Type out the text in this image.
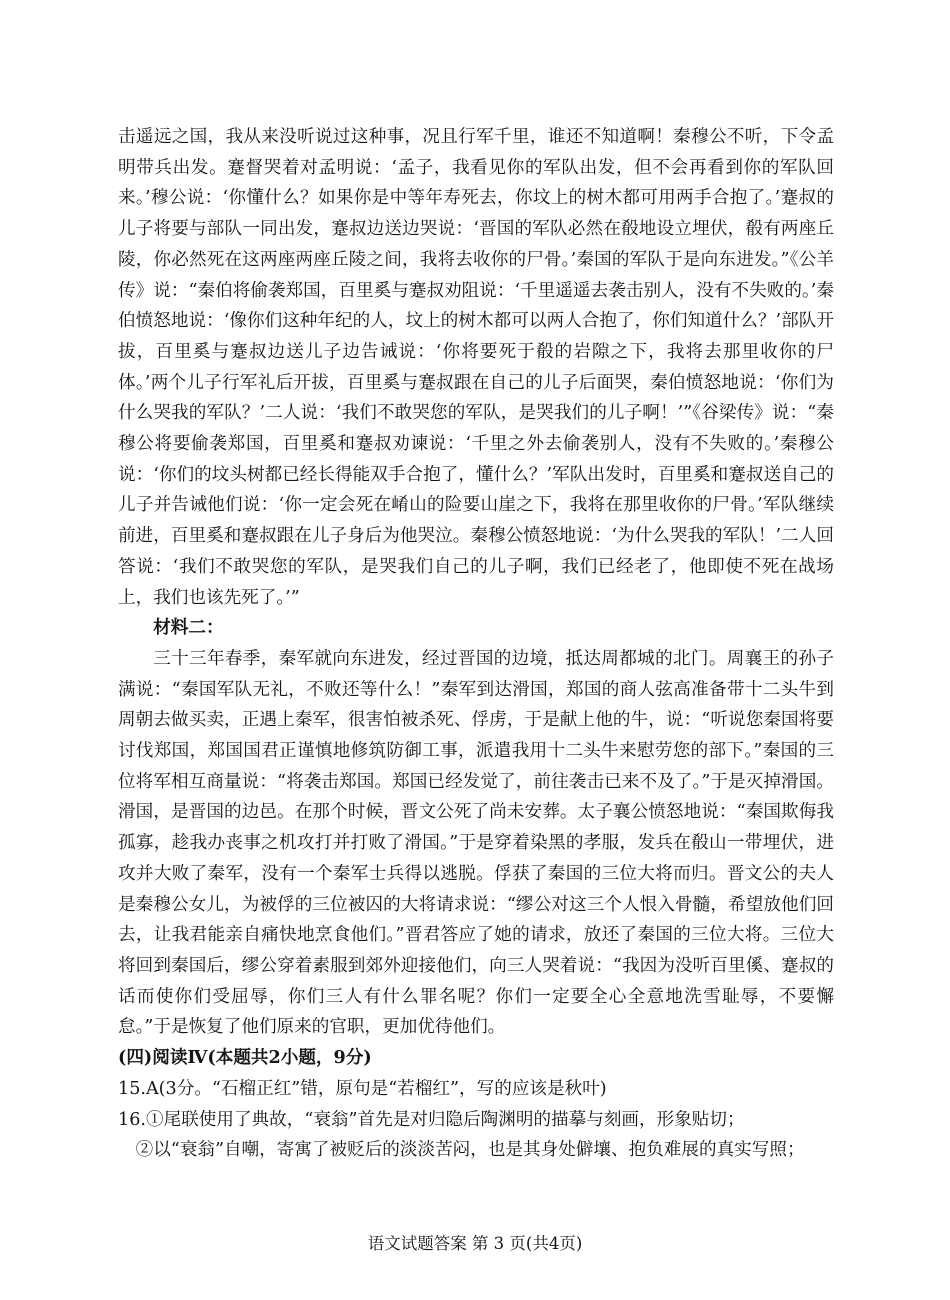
击遥远之国，我从来没听说过这种事，况且行军千里，谁还不知道啊！秦穆公不听，下令孟明带兵出发。蹇督哭着对孟明说：‘孟子，我看见你的军队出发，但不会再看到你的军队回来。’穆公说：‘你懂什么？如果你是中等年寿死去，你坟上的树木都可用两手合抱了。’蹇叔的儿子将要与部队一同出发，蹇叔边送边哭说：‘晋国的军队必然在殽地设立埋伏，殽有两座丘陵，你必然死在这两座两座丘陵之间，我将去收你的尸骨。’秦国的军队于是向东进发。”《公羊传》说：“秦伯将偷袭郑国，百里奚与蹇叔劝阻说：‘千里遥遥去袭击别人，没有不失败的。’秦伯愤怒地说：‘像你们这种年纪的人，坟上的树木都可以两人合抱了，你们知道什么？’部队开拔，百里奚与蹇叔边送儿子边告诫说：‘你将要死于殽的岩隙之下，我将去那里收你的尸体。’两个儿子行军礼后开拔，百里奚与蹇叔跟在自己的儿子后面哭，秦伯愤怒地说：‘你们为什么哭我的军队？’二人说：‘我们不敢哭您的军队，是哭我们的儿子啊！’”《谷梁传》说：“秦穆公将要偷袭郑国，百里奚和蹇叔劝谏说：‘千里之外去偷袭别人，没有不失败的。’秦穆公说：‘你们的坟头树都已经长得能双手合抱了，懂什么？’军队出发时，百里奚和蹇叔送自己的儿子并告诫他们说：‘你一定会死在崤山的险要山崖之下，我将在那里收你的尸骨。’军队继续前进，百里奚和蹇叔跟在儿子身后为他哭泣。秦穆公愤怒地说：‘为什么哭我的军队！’二人回答说：‘我们不敢哭您的军队，是哭我们自己的儿子啊，我们已经老了，他即使不死在战场上，我们也该先死了。’”

材料二：

三十三年春季，秦军就向东进发，经过晋国的边境，抵达周都城的北门。周襄王的孙子满说：“秦国军队无礼，不败还等什么！”秦军到达滑国，郑国的商人弦高准备带十二头牛到周朝去做买卖，正遇上秦军，很害怕被杀死、俘虏，于是献上他的牛，说：“听说您秦国将要讨伐郑国，郑国国君正谨慎地修筑防御工事，派遣我用十二头牛来慰劳您的部下。”秦国的三位将军相互商量说：“将袭击郑国。郑国已经发觉了，前往袭击已来不及了。”于是灭掉滑国。滑国，是晋国的边邑。在那个时候，晋文公死了尚未安葬。太子襄公愤怒地说：“秦国欺侮我孤寡，趁我办丧事之机攻打并打败了滑国。”于是穿着染黑的孝服，发兵在殽山一带埋伏，进攻并大败了秦军，没有一个秦军士兵得以逃脱。俘获了秦国的三位大将而归。晋文公的夫人是秦穆公女儿，为被俘的三位被囚的大将请求说：“缪公对这三个人恨入骨髓，希望放他们回去，让我君能亲自痛快地烹食他们。”晋君答应了她的请求，放还了秦国的三位大将。三位大将回到秦国后，缪公穿着素服到郊外迎接他们，向三人哭着说：“我因为没听百里傒、蹇叔的话而使你们受屈辱，你们三人有什么罪名呢？你们一定要全心全意地洗雪耻辱，不要懈怠。”于是恢复了他们原来的官职，更加优待他们。

(四)阅读Ⅳ(本题共2小题，9分)

15.A(3分。“石榴正红”错，原句是“若榴红”，写的应该是秋叶)

16.①尾联使用了典故，“衰翁”首先是对归隐后陶渊明的描摹与刻画，形象贴切；

②以“衰翁”自嘲，寄寓了被贬后的淡淡苦闷，也是其身处僻壤、抱负难展的真实写照；

语文试题答案 第 3 页(共4页)
